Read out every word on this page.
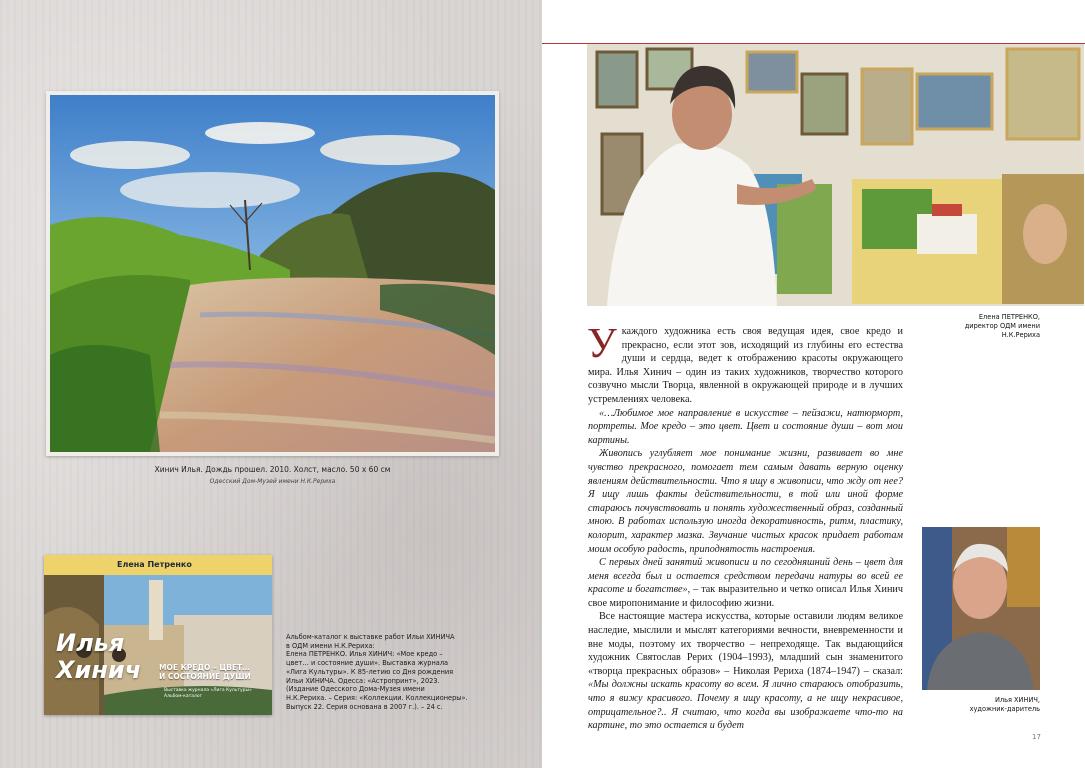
Хинич Илья. Дождь прошел. 2010. Холст, масло. 50 х 60 см
Одесский Дом-Музей имени Н.К.Рериха
Елена Петренко
Илья
Хинич МОЕ КРЕДО – ЦВЕТ…
И СОСТОЯНИЕ ДУШИ
Выставка журнала «Лига Культуры»
Альбом-каталог
Альбом-каталог к выставке работ Ильи ХИНИЧА
в ОДМ имени Н.К.Рериха:
Елена ПЕТРЕНКО. Илья ХИНИЧ: «Мое кредо –
цвет… и состояние души». Выставка журнала
«Лига Культуры». К 85-летию со Дня рождения
Ильи ХИНИЧА. Одесса: «Астропринт», 2023.
(Издание Одесского Дома-Музея имени
Н.К.Рериха. – Серия: «Коллекции. Коллекционеры».
Выпуск 22. Серия основана в 2007 г.). – 24 с.
Елена ПЕТРЕНКО,
директор ОДМ имени
Н.К.Рериха

Укаждого художника есть своя ведущая идея, свое кредо и прекрасно, если этот зов, исходящий из глубины его естества души и сердца, ведет к отображению красоты окружающего мира. Илья Хинич – один из таких художников, творчество которого созвучно мысли Творца, явленной в окружающей природе и в лучших устремлениях человека.

«…Любимое мое направление в искусстве – пейзажи, натюрморт, портреты. Мое кредо – это цвет. Цвет и состояние души – вот мои картины.

Живопись углубляет мое понимание жизни, развивает во мне чувство прекрасного, помогает тем самым давать верную оценку явлениям действительности. Что я ищу в живописи, что жду от нее? Я ищу лишь факты действительности, в той или иной форме стараюсь почувствовать и понять художественный образ, созданный мною. В работах использую иногда декоративность, ритм, пластику, колорит, характер мазка. Звучание чистых красок придает работам моим особую радость, приподнятость настроения.

С первых дней занятий живописи и по сегодняшний день – цвет для меня всегда был и остается средством передачи натуры во всей ее красоте и богатстве», – так выразительно и четко описал Илья Хинич свое миропонимание и философию жизни.

Все настоящие мастера искусства, которые оставили людям великое наследие, мыслили и мыслят категориями вечности, вневременности и вне моды, поэтому их творчество – непреходяще. Так выдающийся художник Святослав Рерих (1904–1993), младший сын знаменитого «творца прекрасных образов» – Николая Рериха (1874–1947) – сказал: «Мы должны искать красоту во всем. Я лично стараюсь отобразить, что я вижу красивого. Почему я ищу красоту, а не ищу некрасивое, отрицательное?.. Я считаю, что когда вы изображаете что-то на картине, то это остается и будет

Илья ХИНИЧ,
художник-даритель
17
